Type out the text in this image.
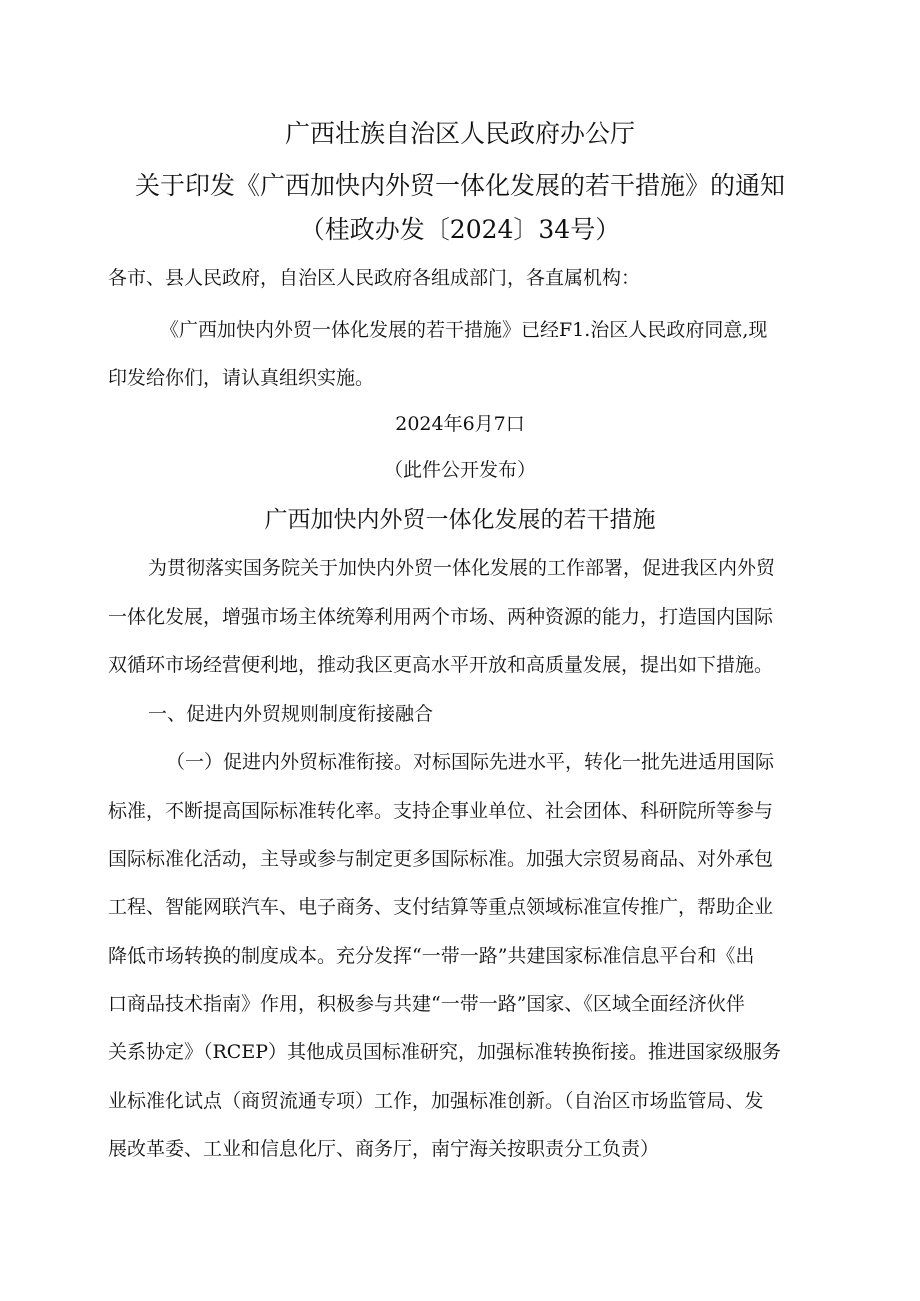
广西壮族自治区人民政府办公厅
关于印发《广西加快内外贸一体化发展的若干措施》的通知
（桂政办发〔2024〕34号）
各市、县人民政府，自治区人民政府各组成部门，各直属机构：
《广西加快内外贸一体化发展的若干措施》已经F1.治区人民政府同意,现
印发给你们，请认真组织实施。
2024年6月7口
（此件公开发布）
广西加快内外贸一体化发展的若干措施
为贯彻落实国务院关于加快内外贸一体化发展的工作部署，促进我区内外贸
一体化发展，增强市场主体统筹利用两个市场、两种资源的能力，打造国内国际
双循环市场经营便利地，推动我区更高水平开放和高质量发展，提出如下措施。
一、促进内外贸规则制度衔接融合
（一）促进内外贸标准衔接。对标国际先进水平，转化一批先进适用国际
标准，不断提高国际标准转化率。支持企事业单位、社会团体、科研院所等参与
国际标准化活动，主导或参与制定更多国际标准。加强大宗贸易商品、对外承包
工程、智能网联汽车、电子商务、支付结算等重点领域标准宣传推广，帮助企业
降低市场转换的制度成本。充分发挥“一带一路”共建国家标准信息平台和《出
口商品技术指南》作用，积极参与共建“一带一路”国家、《区域全面经济伙伴
关系协定》（RCEP）其他成员国标准研究，加强标准转换衔接。推进国家级服务
业标准化试点（商贸流通专项）工作，加强标准创新。（自治区市场监管局、发
展改革委、工业和信息化厅、商务厅，南宁海关按职责分工负责）
